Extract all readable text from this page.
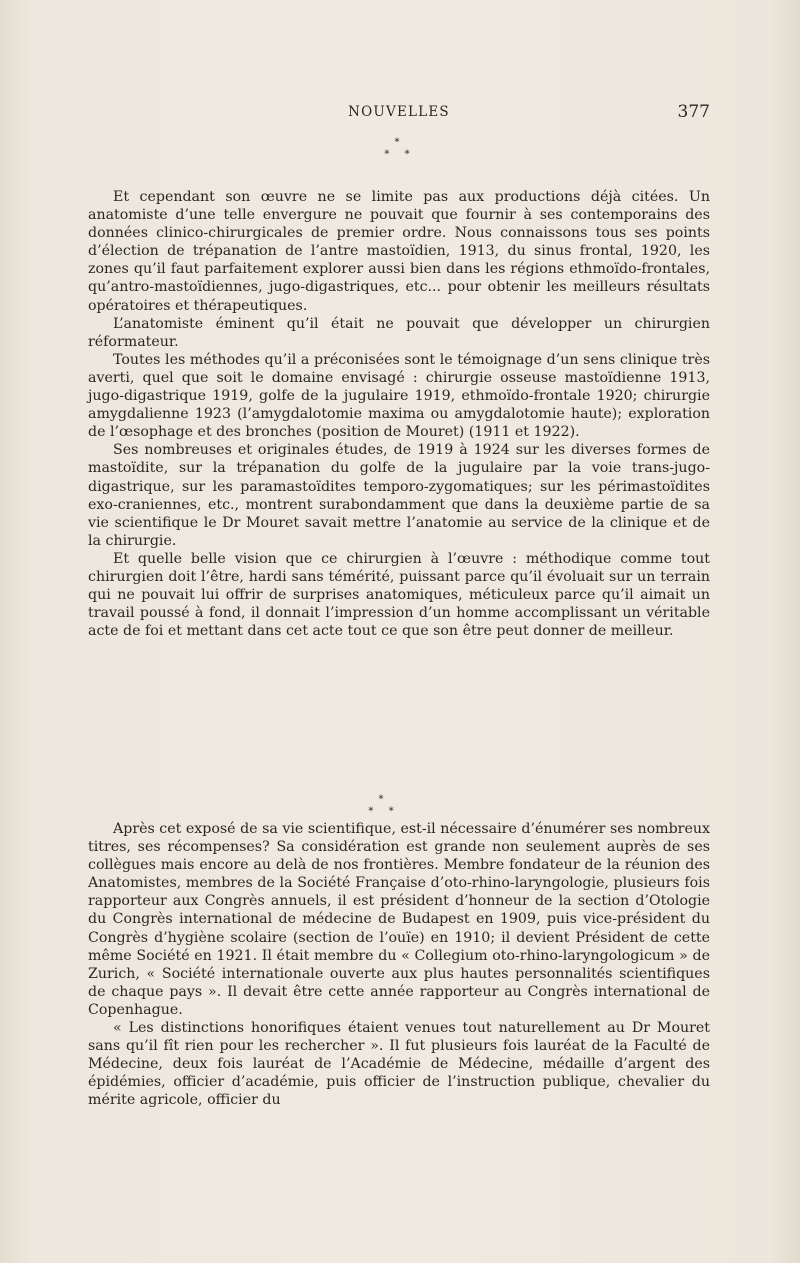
NOUVELLES	377
*
* *

Et cependant son œuvre ne se limite pas aux productions déjà citées. Un anatomiste d’une telle envergure ne pouvait que fournir à ses contemporains des données clinico-chirurgicales de premier ordre. Nous connaissons tous ses points d’élection de trépanation de l’antre mastoïdien, 1913, du sinus frontal, 1920, les zones qu’il faut parfaitement explorer aussi bien dans les régions ethmoïdo-frontales, qu’antro-mastoïdiennes, jugo-digastriques, etc... pour obtenir les meilleurs résultats opératoires et thérapeutiques.

L’anatomiste éminent qu’il était ne pouvait que développer un chirurgien réformateur.

Toutes les méthodes qu’il a préconisées sont le témoignage d’un sens clinique très averti, quel que soit le domaine envisagé : chirurgie osseuse mastoïdienne 1913, jugo-digastrique 1919, golfe de la jugulaire 1919, ethmoïdo-frontale 1920; chirurgie amygdalienne 1923 (l’amygdalotomie maxima ou amygdalotomie haute); exploration de l’œsophage et des bronches (position de Mouret) (1911 et 1922).

Ses nombreuses et originales études, de 1919 à 1924 sur les diverses formes de mastoïdite, sur la trépanation du golfe de la jugulaire par la voie trans-jugo-digastrique, sur les paramastoïdites temporo-zygomatiques; sur les périmastoïdites exo-craniennes, etc., montrent surabondamment que dans la deuxième partie de sa vie scientifique le Dr Mouret savait mettre l’anatomie au service de la clinique et de la chirurgie.

Et quelle belle vision que ce chirurgien à l’œuvre : méthodique comme tout chirurgien doit l’être, hardi sans témérité, puissant parce qu’il évoluait sur un terrain qui ne pouvait lui offrir de surprises anatomiques, méticuleux parce qu’il aimait un travail poussé à fond, il donnait l’impression d’un homme accomplissant un véritable acte de foi et mettant dans cet acte tout ce que son être peut donner de meilleur.

*
* *

Après cet exposé de sa vie scientifique, est-il nécessaire d’énumérer ses nombreux titres, ses récompenses? Sa considération est grande non seulement auprès de ses collègues mais encore au delà de nos frontières. Membre fondateur de la réunion des Anatomistes, membres de la Société Française d’oto-rhino-laryngologie, plusieurs fois rapporteur aux Congrès annuels, il est président d’honneur de la section d’Otologie du Congrès international de médecine de Budapest en 1909, puis vice-président du Congrès d’hygiène scolaire (section de l’ouïe) en 1910; il devient Président de cette même Société en 1921. Il était membre du « Collegium oto-rhino-laryngologicum » de Zurich, « Société internationale ouverte aux plus hautes personnalités scientifiques de chaque pays ». Il devait être cette année rapporteur au Congrès international de Copenhague.

« Les distinctions honorifiques étaient venues tout naturellement au Dr Mouret sans qu’il fît rien pour les rechercher ». Il fut plusieurs fois lauréat de la Faculté de Médecine, deux fois lauréat de l’Académie de Médecine, médaille d’argent des épidémies, officier d’académie, puis officier de l’instruction publique, chevalier du mérite agricole, officier du
